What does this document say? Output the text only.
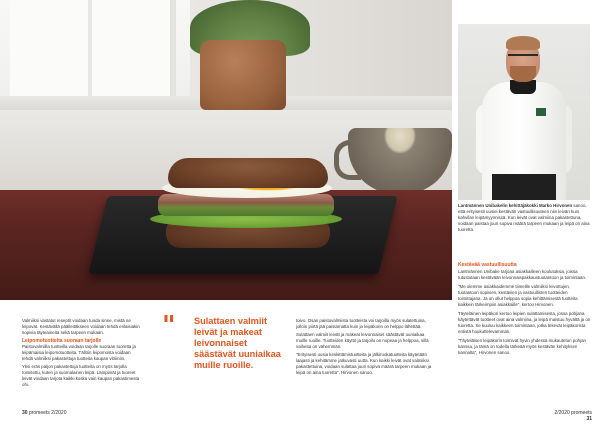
Lantmännen Unibakelin kehittäjäkokki Marko Hirvonen sanoo, että erityisesti uusiei kestävän vastuullisuuteen niin leivän kuin kahvilan leipämyynnissä. Kun leivät ovat valmiina pakastettuna, voidaan paistaa juuri sopiva määrä tarpeen mukaan ja leipä on aina tuoretta.
Kestävää vastuullisuutta

Lantmännen Unibake tarjoaa asiakkailleen koulutuksia, joissa tutustutaan kestävään leivonnaispakkaustuotantoon ja toimintaan.

"Me olemme asiakkaidemme tiimeille valmiiksi leivottujen, tuotantoon sopivien, kestävien ja vastuullisten tuotteiden toimittajana. Ja on ollut helppoa sopia kehittämisestä tuotteita kaikkein tärkeimpiin asiakkaille", kertoo Hirvonen.

Täyteläinen leipäkori kertoo leipien sulattamisesta, jossa pohjana käytettävät tuotteet ovat aina valmiina, ja leipä maistuu hyvältä ja on tuoretta. Se kuuluu kaikkeen toimintaan, jotka tekevät leipäkorista entistä houkuttelevamman.

"Täyteläisen leipäkorin toimivat hyvin yhdessä mukautetun pohjan kanssa, ja tämä on todella tärkeää myös kestävän kehityksen kannalta", Hirvonen sanoo.

Valmiiksi vastatut reseptit voidaan tuoda sinne, mistä ne leipovat. Kestävällä päälleitäkseen voidaan tehdä erilaisiakin sopivia täyteaineita sekä tarpeen mukaan.

Leipomotuotteita suoraan tarjolle

Paistovalmiilla tuotteilla voidaan tarjolle suoraan tuoretta ja leipämaisia leipomotuotteita. Tällöin leipomosta voidaan tehdä valmiiksi pakastettuja tuotteita kaupan vitriiniin.

Yksi eräs paljon pakastettuja tuotteita on myös tarjolla toimitettu, kuten ja suomalainen leipä. Lämpimät ja tuoreet leivät voidaan tarjota kaikki koska vain kaupan pakastimesta ohi.

" Sulattaen valmiit leivät ja makeat leivonnaiset säästävät uuniaikaa muille ruoille.

toivo. Osan paistovalmiista tuotteista voi tarjoilla myös sulatettuina, jolloin piirtä jää paistamatta kuin ja leipäkorin on helppo lähettää.

Sulattaen valmiit leivät ja makeat leivonnaiset säästävät uuniaikaa muille ruoille. Tuotteiden käyttö ja tarjoilu on nopeaa ja helppoa, sillä vaiheita on vähemmän.

"Erityisesti uusia keskittämistuotteita ja jälkiruokatuotteita käytetään laajasti ja kehitämme jatkuvasti uutta. Kun kaikki leivät ovat valmiiksi pakastettuina, voidaan sulattaa juuri sopiva määrä tarpeen mukaan ja leipä on aina tuoretta", Hirvonen sanoo.

30 promeets 2/2020	2/2020 promeets 31
